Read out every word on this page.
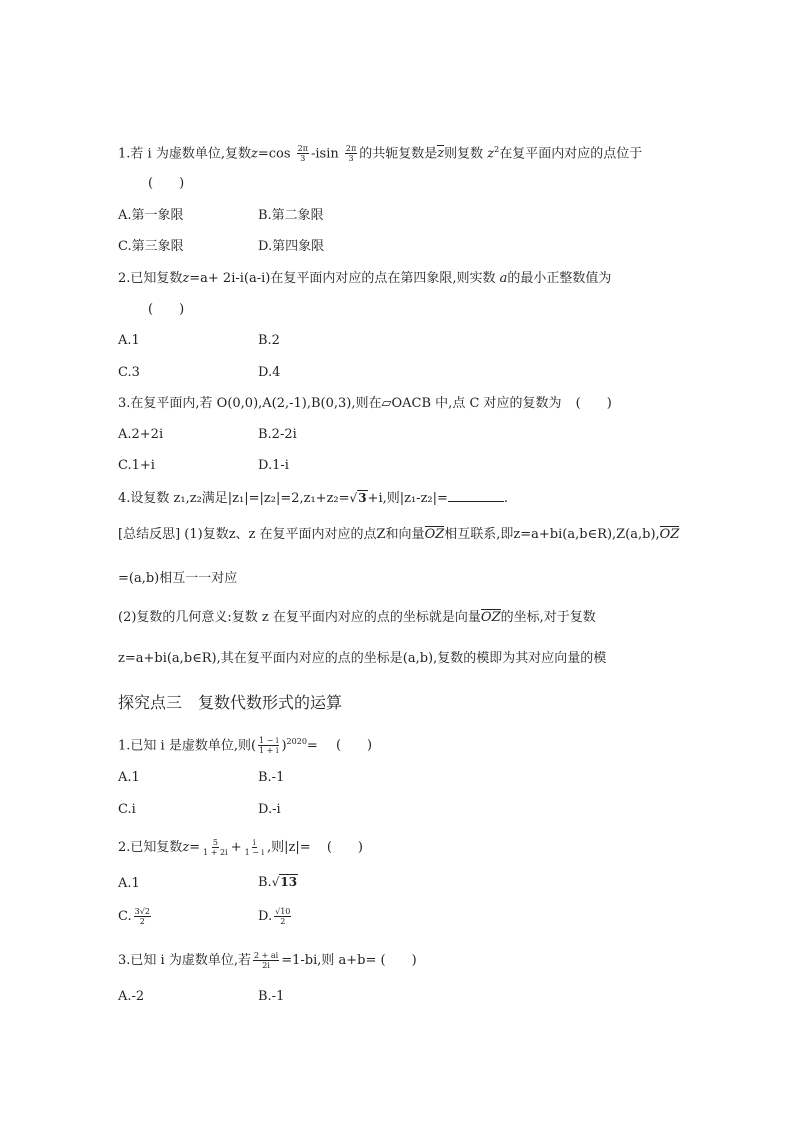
1.若 i 为虚数单位,复数$z=\cos \frac{2\pi}{3} -isin \frac{2\pi}{3}$ 的共轭复数是z则复数 $z^2$在复平面内对应的点位于
(　　)
A.第一象限	B.第二象限
C.第三象限	D.第四象限
2.已知复数z=a+ 2i-i(a-i)在复平面内对应的点在第四象限,则实数 a的最小正整数值为
(　　)
A.1	B.2
C.3	D.4
3.在复平面内,若 O(0,0),A(2,-1),B(0,3),则在▱OACB 中,点 C 对应的复数为 (　　)
A.2+2i	B.2-2i
C.1+i	D.1-i
4.设复数 z₁,z₂满足|z₁|=|z₂|=2,z₁+z₂=√3+i,则|z₁-z₂|=	.
[总结反思] (1)复数z、z 在复平面内对应的点Z和向量OZ相互联系,即z=a+bi(a,b∈R),Z(a,b),OZ
=(a,b)相互一一对应
(2)复数的几何意义:复数 z 在复平面内对应的点的坐标就是向量OZ的坐标,对于复数
z=a+bi(a,b∈R),其在复平面内对应的点的坐标是(a,b),复数的模即为其对应向量的模
探究点三　复数代数形式的运算
1.已知 i 是虚数单位,则( $\frac{1 - i}{1 + i} )^{2020}=$ (　　)
A.1	B.-1
C.i	D.-i
2.已知复数$z= \frac{5}{1 + 2i} + \frac{i}{1 - i}$ ,则|z|= (　　)
A.1	B.√13
C. $\frac{3√2}{2}$	D. $\frac{√10}{2}$
3.已知 i 为虚数单位,若 $\frac{2 + ai}{2i} =1-bi$,则 a+b= (　　)
A.-2	B.-1
